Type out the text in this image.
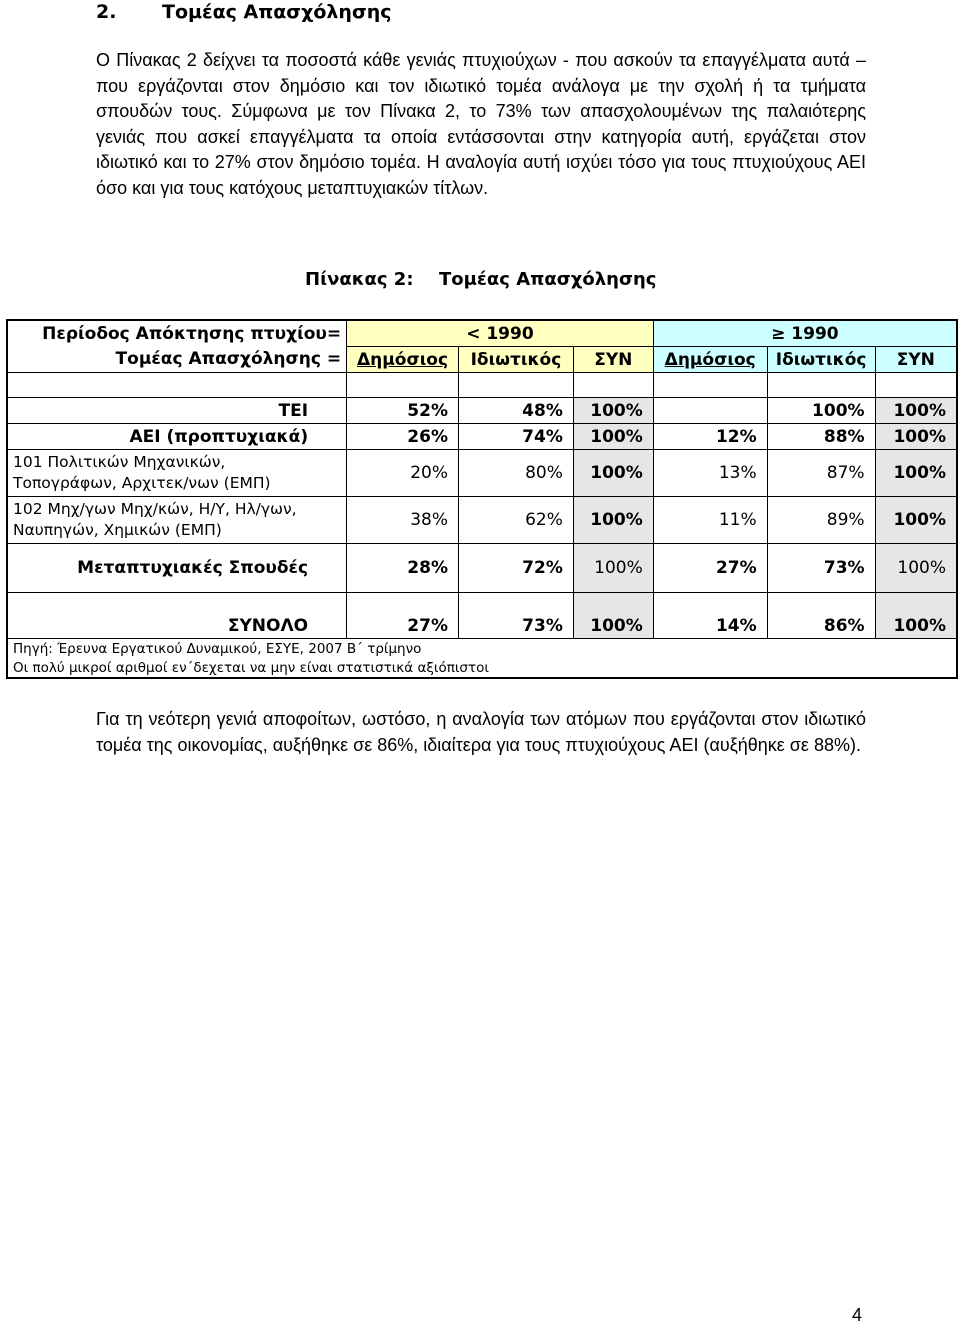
2. Τομέας Απασχόλησης

Ο Πίνακας 2 δείχνει τα ποσοστά κάθε γενιάς πτυχιούχων - που ασκούν τα επαγγέλματα αυτά – που εργάζονται στον δημόσιο και τον ιδιωτικό τομέα ανάλογα με την σχολή ή τα τμήματα σπουδών τους. Σύμφωνα με τον Πίνακα 2, το 73% των απασχολουμένων της παλαιότερης γενιάς που ασκεί επαγγέλματα τα οποία εντάσσονται στην κατηγορία αυτή, εργάζεται στον ιδιωτικό και το 27% στον δημόσιο τομέα. Η αναλογία αυτή ισχύει τόσο για τους πτυχιούχους ΑΕΙ όσο και για τους κατόχους μεταπτυχιακών τίτλων.

Πίνακας 2: Τομέας Απασχόλησης

Περίοδος Απόκτησης πτυχίου=	< 1990			≥ 1990		
Τομέας Απασχόλησης =	Δημόσιος	Ιδιωτικός	ΣΥΝ	Δημόσιος	Ιδιωτικός	ΣΥΝ

ΤΕΙ	52%	48%	100%		100%	100%
ΑΕΙ (προπτυχιακά)	26%	74%	100%	12%	88%	100%

101 Πολιτικών Μηχανικών,
Τοπογράφων, Αρχιτεκ/νων (ΕΜΠ)	20%	80%	100%	13%	87%	100%

102 Μηχ/γων Μηχ/κών, Η/Υ, Ηλ/γων,
Ναυπηγών, Χημικών (ΕΜΠ)	38%	62%	100%	11%	89%	100%
Μεταπτυχιακές Σπουδές	28%	72%	100%	27%	73%	100%

ΣΥΝΟΛΟ	27%	73%	100%	14%	86%	100%
Πηγή: Έρευνα Εργατικού Δυναμικού, ΕΣΥΕ, 2007 Β΄ τρίμηνο						
Οι πολύ μικροί αριθμοί εν΄δεχεται να μην είναι στατιστικά αξιόπιστοι						

Για τη νεότερη γενιά αποφοίτων, ωστόσο, η αναλογία των ατόμων που εργάζονται στον ιδιωτικό τομέα της οικονομίας, αυξήθηκε σε 86%, ιδιαίτερα για τους πτυχιούχους ΑΕΙ (αυξήθηκε σε 88%).

4
